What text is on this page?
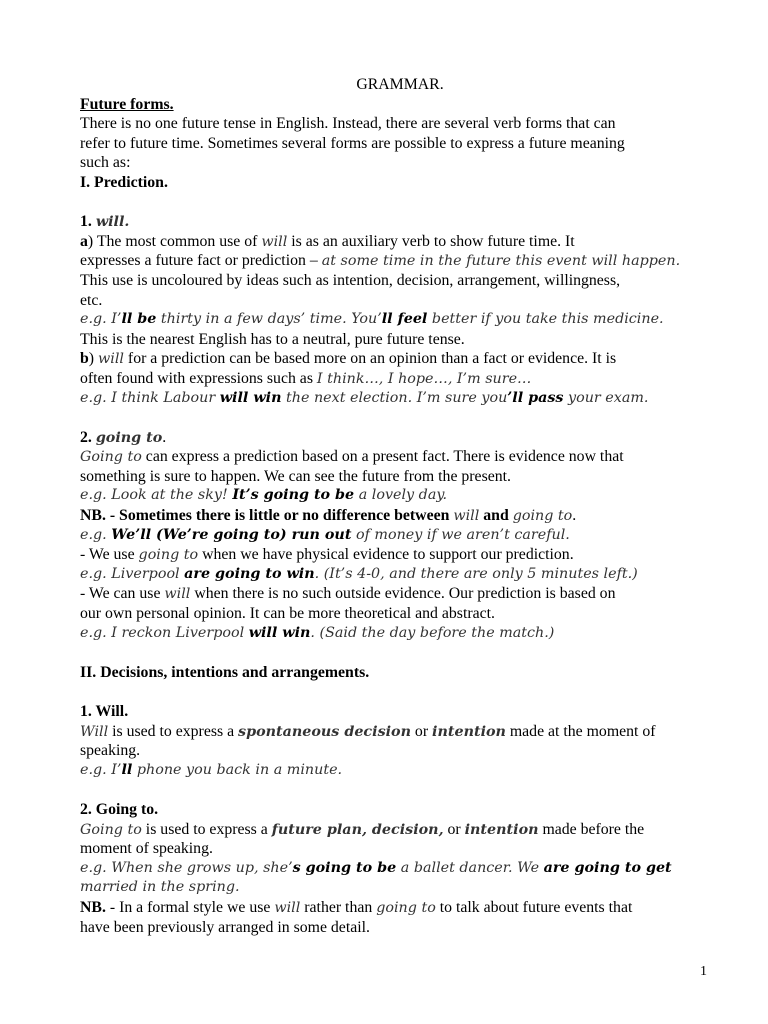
GRAMMAR.
Future forms.
There is no one future tense in English. Instead, there are several verb forms that can
refer to future time. Sometimes several forms are possible to express a future meaning
such as:
I. Prediction.
1. will.
a) The most common use of will is as an auxiliary verb to show future time. It
expresses a future fact or prediction – at some time in the future this event will happen.
This use is uncoloured by ideas such as intention, decision, arrangement, willingness,
etc.
e.g. I’ll be thirty in a few days’ time. You’ll feel better if you take this medicine.
This is the nearest English has to a neutral, pure future tense.
b) will for a prediction can be based more on an opinion than a fact or evidence. It is
often found with expressions such as I think…, I hope…, I’m sure…
e.g. I think Labour will win the next election. I’m sure you’ll pass your exam.
2. going to.
Going to can express a prediction based on a present fact. There is evidence now that
something is sure to happen. We can see the future from the present.
e.g. Look at the sky! It’s going to be a lovely day.
NB. - Sometimes there is little or no difference between will and going to.
e.g. We’ll (We’re going to) run out of money if we aren’t careful.
- We use going to when we have physical evidence to support our prediction.
e.g. Liverpool are going to win. (It’s 4-0, and there are only 5 minutes left.)
- We can use will when there is no such outside evidence. Our prediction is based on
our own personal opinion. It can be more theoretical and abstract.
e.g. I reckon Liverpool will win. (Said the day before the match.)
II. Decisions, intentions and arrangements.
1. Will.
Will is used to express a spontaneous decision or intention made at the moment of
speaking.
e.g. I’ll phone you back in a minute.
2. Going to.
Going to is used to express a future plan, decision, or intention made before the
moment of speaking.
e.g. When she grows up, she’s going to be a ballet dancer. We are going to get
married in the spring.
NB. - In a formal style we use will rather than going to to talk about future events that
have been previously arranged in some detail.
1
